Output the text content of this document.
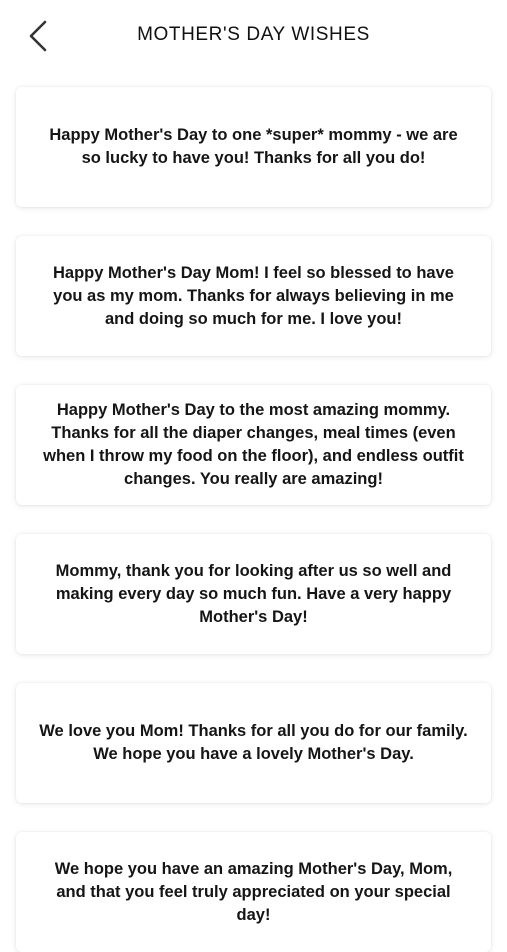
MOTHER'S DAY WISHES
Happy Mother's Day to one *super* mommy - we are so lucky to have you! Thanks for all you do!
Happy Mother's Day Mom! I feel so blessed to have you as my mom. Thanks for always believing in me and doing so much for me. I love you!
Happy Mother's Day to the most amazing mommy. Thanks for all the diaper changes, meal times (even when I throw my food on the floor), and endless outfit changes. You really are amazing!
Mommy, thank you for looking after us so well and making every day so much fun. Have a very happy Mother's Day!
We love you Mom! Thanks for all you do for our family. We hope you have a lovely Mother's Day.
We hope you have an amazing Mother's Day, Mom, and that you feel truly appreciated on your special day!
